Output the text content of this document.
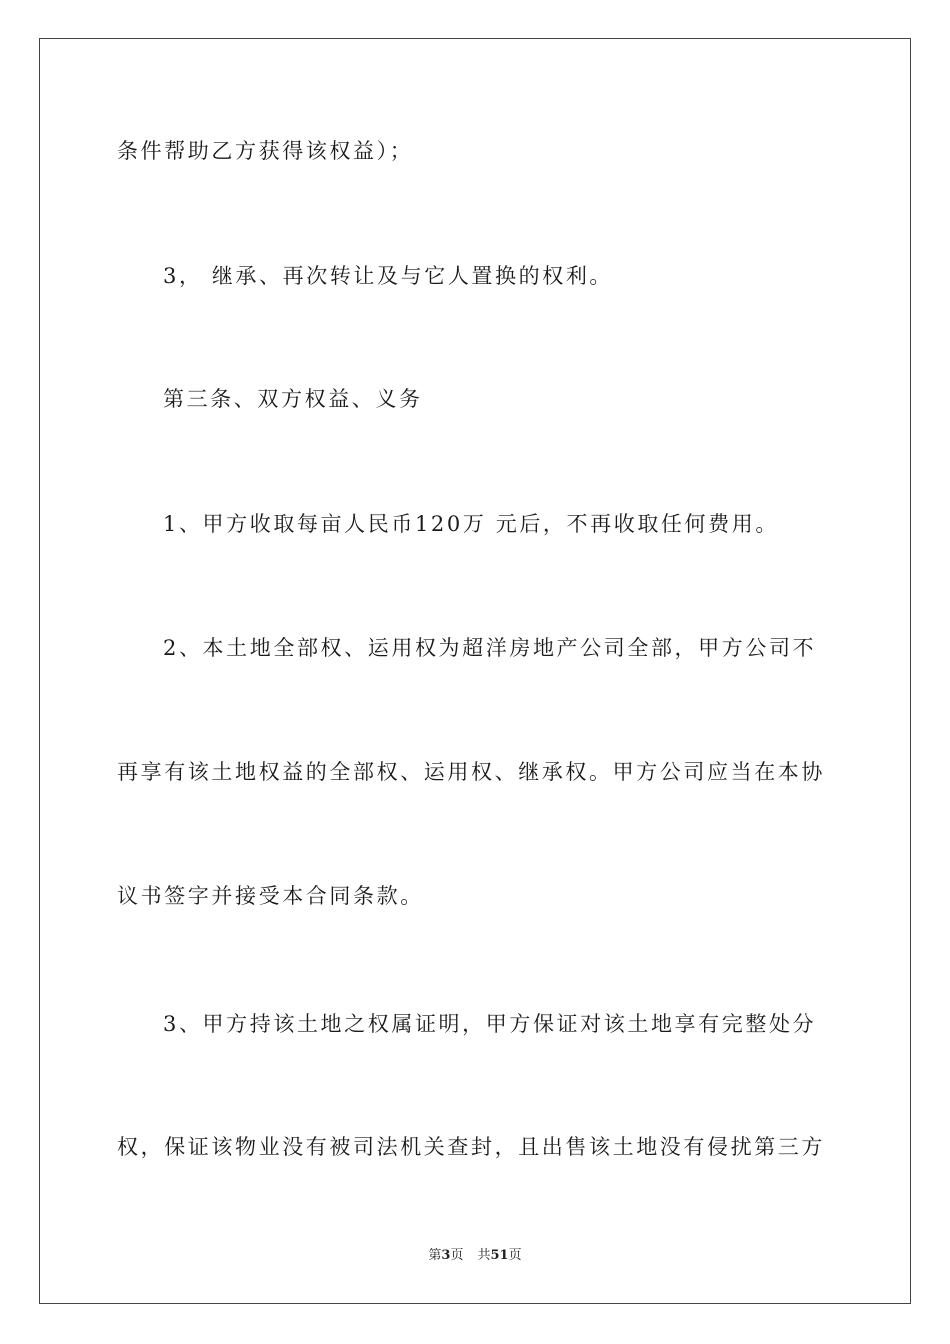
条件帮助乙方获得该权益）；
3， 继承、再次转让及与它人置换的权利。
第三条、双方权益、义务
1、甲方收取每亩人民币120万 元后，不再收取任何费用。
2、本土地全部权、运用权为超洋房地产公司全部，甲方公司不
再享有该土地权益的全部权、运用权、继承权。甲方公司应当在本协
议书签字并接受本合同条款。
3、甲方持该土地之权属证明，甲方保证对该土地享有完整处分
权，保证该物业没有被司法机关查封，且出售该土地没有侵扰第三方
第3页 共51页
